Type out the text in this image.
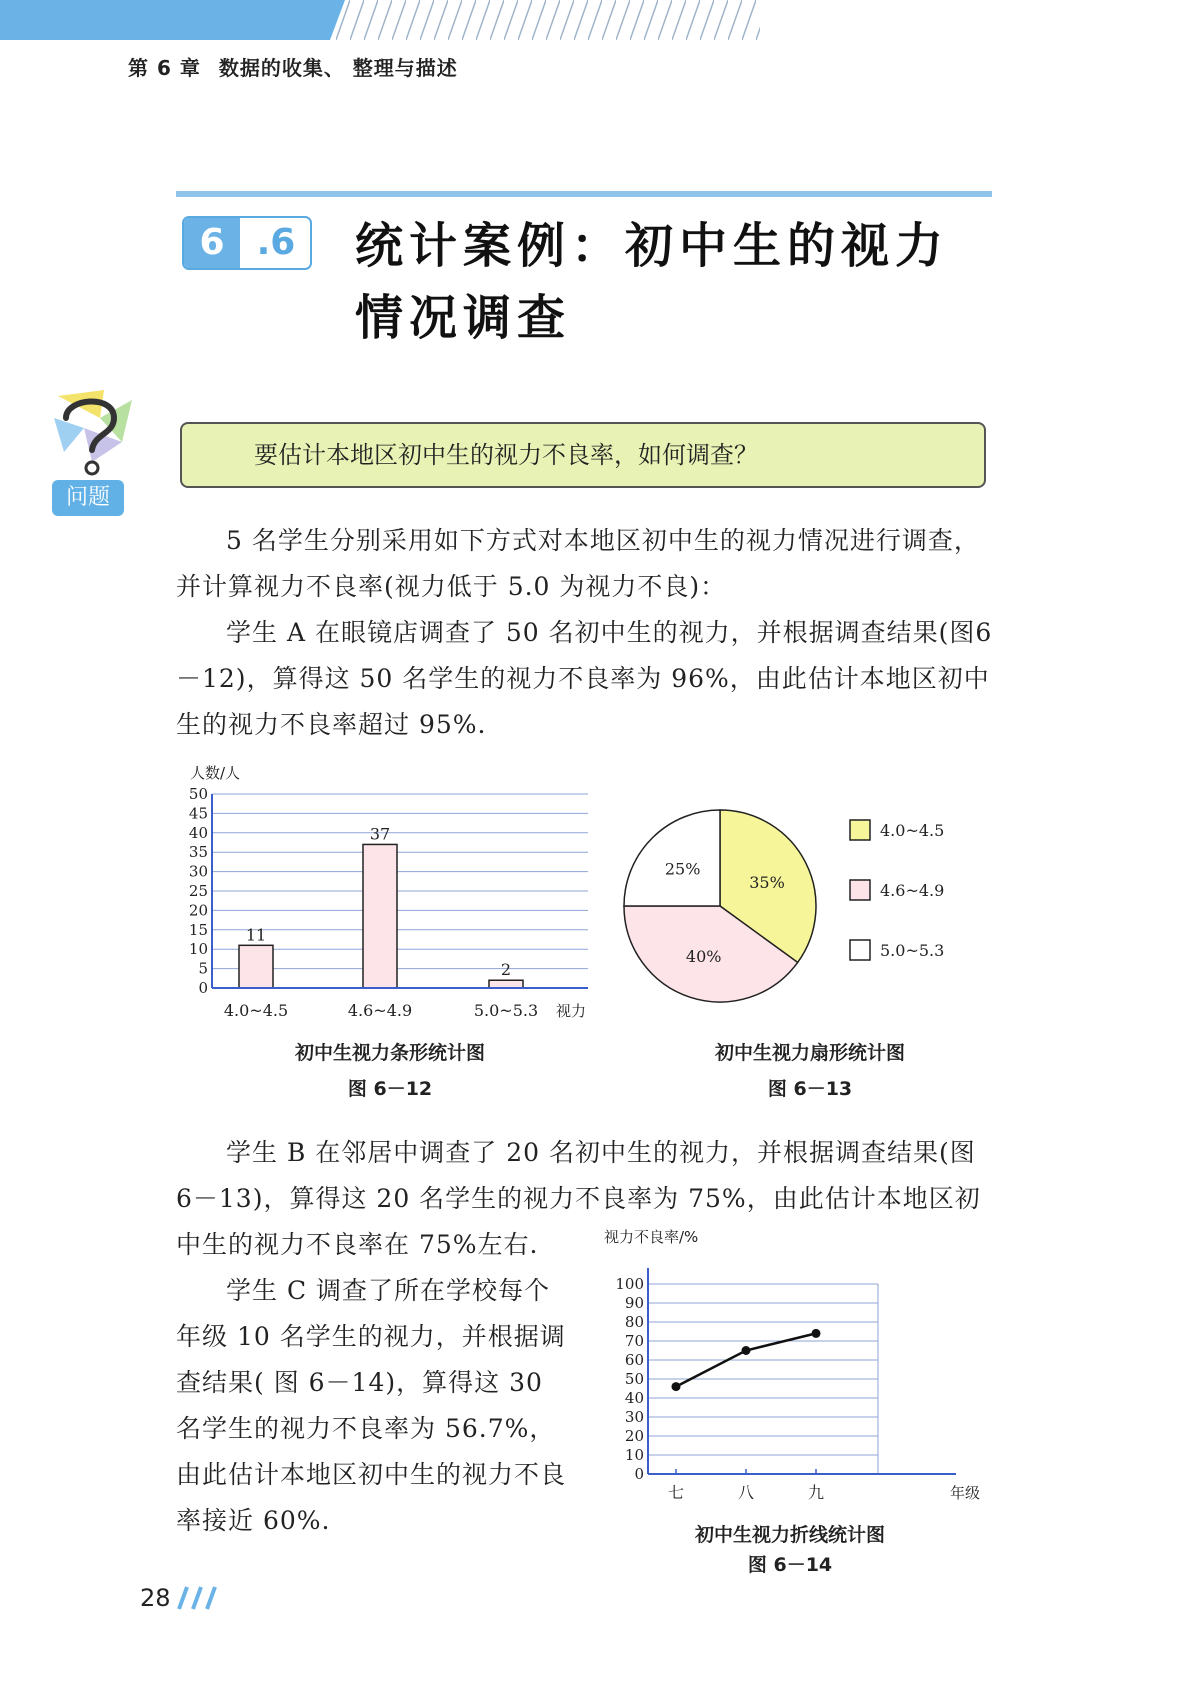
第 6 章 数据的收集、 整理与描述
6 .6 统计案例：初中生的视力情况调查
问题
要估计本地区初中生的视力不良率，如何调查？
5 名学生分别采用如下方式对本地区初中生的视力情况进行调查，并计算视力不良率(视力低于 5.0 为视力不良)：
学生 A 在眼镜店调查了 50 名初中生的视力，并根据调查结果(图6－12)，算得这 50 名学生的视力不良率为 96%，由此估计本地区初中生的视力不良率超过 95%.
人数/人
0
5
10
15
20
25
30
35
40
45
50
11
4.0~4.5
37
4.6~4.9
2
5.0~5.3 视力
初中生视力条形统计图
图 6－12
35%
40%
25%
4.0~4.5
4.6~4.9
5.0~5.3
初中生视力扇形统计图
图 6－13
学生 B 在邻居中调查了 20 名初中生的视力，并根据调查结果(图 6－13)，算得这 20 名学生的视力不良率为 75%，由此估计本地区初中生的视力不良率在 75%左右.
学生 C 调查了所在学校每个年级 10 名学生的视力，并根据调查结果( 图 6－14)，算得这 30 名学生的视力不良率为 56.7%，由此估计本地区初中生的视力不良率接近 60%.
视力不良率/%
0
10
20
30
40
50
60
70
80
90
100
七	八	九	年级
初中生视力折线统计图
图 6－14
28
